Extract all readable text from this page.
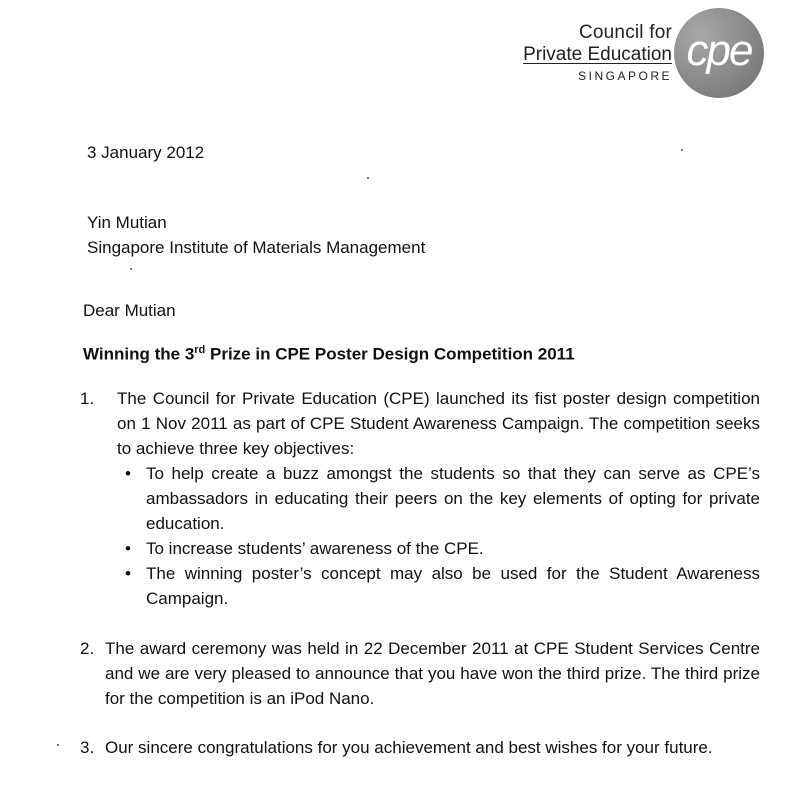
Council for
Private Education
SINGAPORE
cpe
3 January 2012
Yin Mutian
Singapore Institute of Materials Management
Dear Mutian
Winning the 3rd Prize in CPE Poster Design Competition 2011
1. The Council for Private Education (CPE) launched its fist poster design competition on 1 Nov 2011 as part of CPE Student Awareness Campaign. The competition seeks to achieve three key objectives:
• To help create a buzz amongst the students so that they can serve as CPE’s ambassadors in educating their peers on the key elements of opting for private education.
• To increase students’ awareness of the CPE.
• The winning poster’s concept may also be used for the Student Awareness Campaign.
2. The award ceremony was held in 22 December 2011 at CPE Student Services Centre and we are very pleased to announce that you have won the third prize. The third prize for the competition is an iPod Nano.
3. Our sincere congratulations for you achievement and best wishes for your future.
